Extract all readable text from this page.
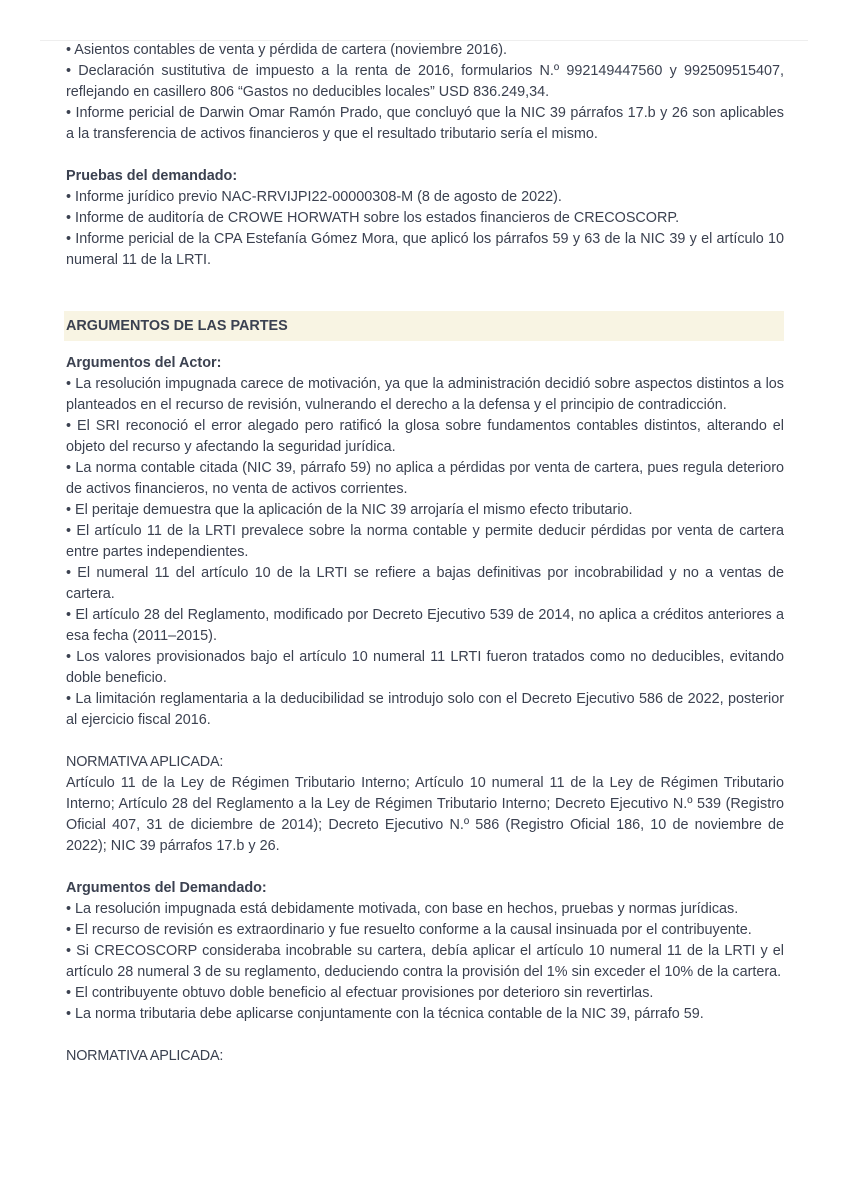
• Asientos contables de venta y pérdida de cartera (noviembre 2016).

• Declaración sustitutiva de impuesto a la renta de 2016, formularios N.º 992149447560 y 992509515407, reflejando en casillero 806 “Gastos no deducibles locales” USD 836.249,34.

• Informe pericial de Darwin Omar Ramón Prado, que concluyó que la NIC 39 párrafos 17.b y 26 son aplicables a la transferencia de activos financieros y que el resultado tributario sería el mismo.

Pruebas del demandado:

• Informe jurídico previo NAC-RRVIJPI22-00000308-M (8 de agosto de 2022).

• Informe de auditoría de CROWE HORWATH sobre los estados financieros de CRECOSCORP.

• Informe pericial de la CPA Estefanía Gómez Mora, que aplicó los párrafos 59 y 63 de la NIC 39 y el artículo 10 numeral 11 de la LRTI.

ARGUMENTOS DE LAS PARTES

Argumentos del Actor:

• La resolución impugnada carece de motivación, ya que la administración decidió sobre aspectos distintos a los planteados en el recurso de revisión, vulnerando el derecho a la defensa y el principio de contradicción.

• El SRI reconoció el error alegado pero ratificó la glosa sobre fundamentos contables distintos, alterando el objeto del recurso y afectando la seguridad jurídica.

• La norma contable citada (NIC 39, párrafo 59) no aplica a pérdidas por venta de cartera, pues regula deterioro de activos financieros, no venta de activos corrientes.

• El peritaje demuestra que la aplicación de la NIC 39 arrojaría el mismo efecto tributario.

• El artículo 11 de la LRTI prevalece sobre la norma contable y permite deducir pérdidas por venta de cartera entre partes independientes.

• El numeral 11 del artículo 10 de la LRTI se refiere a bajas definitivas por incobrabilidad y no a ventas de cartera.

• El artículo 28 del Reglamento, modificado por Decreto Ejecutivo 539 de 2014, no aplica a créditos anteriores a esa fecha (2011–2015).

• Los valores provisionados bajo el artículo 10 numeral 11 LRTI fueron tratados como no deducibles, evitando doble beneficio.

• La limitación reglamentaria a la deducibilidad se introdujo solo con el Decreto Ejecutivo 586 de 2022, posterior al ejercicio fiscal 2016.

NORMATIVA APLICADA:

Artículo 11 de la Ley de Régimen Tributario Interno; Artículo 10 numeral 11 de la Ley de Régimen Tributario Interno; Artículo 28 del Reglamento a la Ley de Régimen Tributario Interno; Decreto Ejecutivo N.º 539 (Registro Oficial 407, 31 de diciembre de 2014); Decreto Ejecutivo N.º 586 (Registro Oficial 186, 10 de noviembre de 2022); NIC 39 párrafos 17.b y 26.

Argumentos del Demandado:

• La resolución impugnada está debidamente motivada, con base en hechos, pruebas y normas jurídicas.

• El recurso de revisión es extraordinario y fue resuelto conforme a la causal insinuada por el contribuyente.

• Si CRECOSCORP consideraba incobrable su cartera, debía aplicar el artículo 10 numeral 11 de la LRTI y el artículo 28 numeral 3 de su reglamento, deduciendo contra la provisión del 1% sin exceder el 10% de la cartera.

• El contribuyente obtuvo doble beneficio al efectuar provisiones por deterioro sin revertirlas.

• La norma tributaria debe aplicarse conjuntamente con la técnica contable de la NIC 39, párrafo 59.

NORMATIVA APLICADA:
